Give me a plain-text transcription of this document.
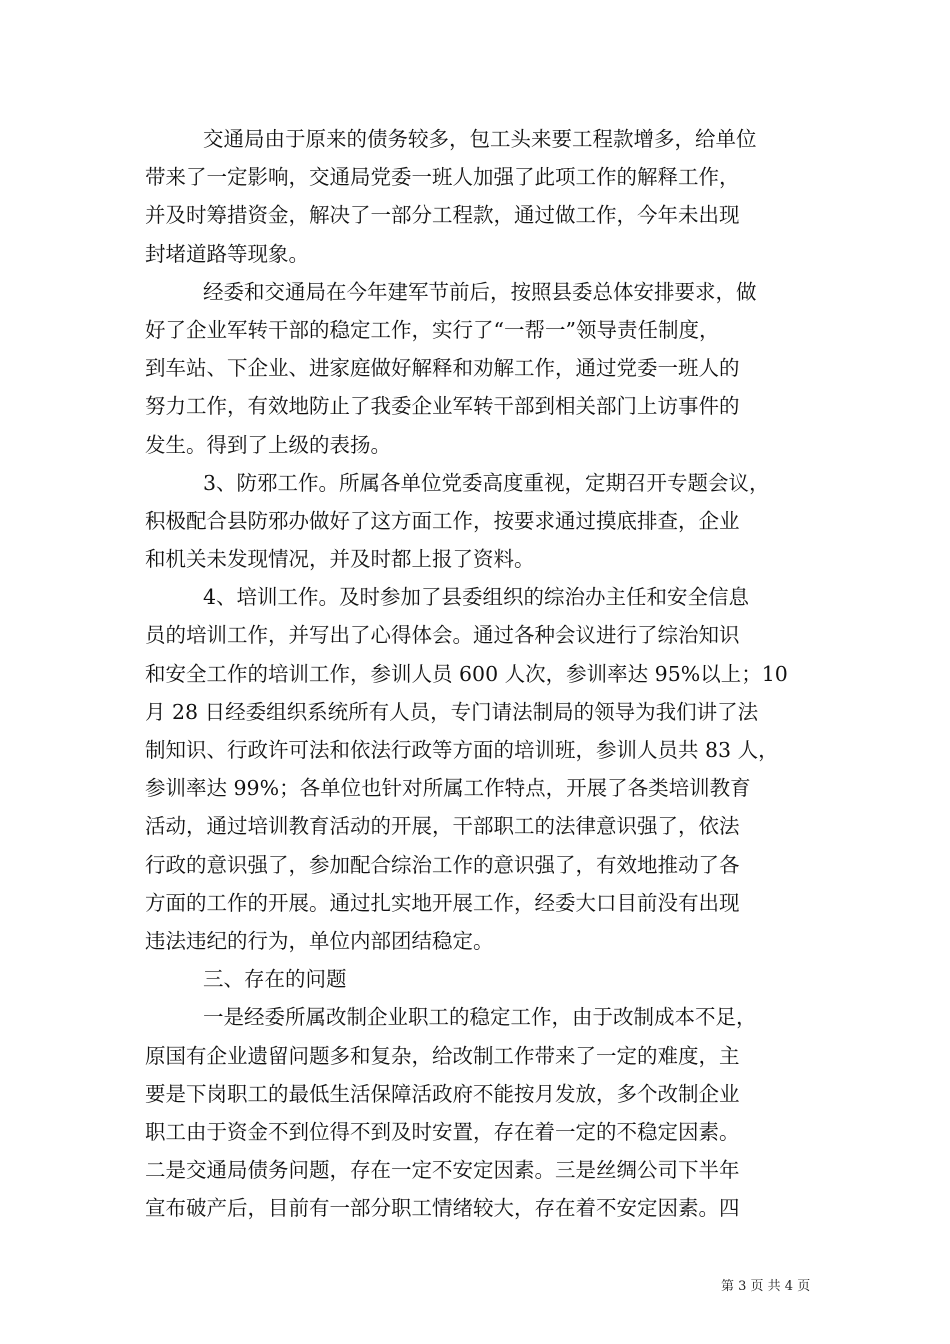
交通局由于原来的债务较多，包工头来要工程款增多，给单位
带来了一定影响，交通局党委一班人加强了此项工作的解释工作，
并及时筹措资金，解决了一部分工程款，通过做工作，今年未出现
封堵道路等现象。
经委和交通局在今年建军节前后，按照县委总体安排要求，做
好了企业军转干部的稳定工作，实行了“一帮一”领导责任制度，
到车站、下企业、进家庭做好解释和劝解工作，通过党委一班人的
努力工作，有效地防止了我委企业军转干部到相关部门上访事件的
发生。得到了上级的表扬。
3、防邪工作。所属各单位党委高度重视，定期召开专题会议，
积极配合县防邪办做好了这方面工作，按要求通过摸底排查，企业
和机关未发现情况，并及时都上报了资料。
4、培训工作。及时参加了县委组织的综治办主任和安全信息
员的培训工作，并写出了心得体会。通过各种会议进行了综治知识
和安全工作的培训工作，参训人员 600 人次，参训率达 95%以上；10
月 28 日经委组织系统所有人员，专门请法制局的领导为我们讲了法
制知识、行政许可法和依法行政等方面的培训班，参训人员共 83 人，
参训率达 99%；各单位也针对所属工作特点，开展了各类培训教育
活动，通过培训教育活动的开展，干部职工的法律意识强了，依法
行政的意识强了，参加配合综治工作的意识强了，有效地推动了各
方面的工作的开展。通过扎实地开展工作，经委大口目前没有出现
违法违纪的行为，单位内部团结稳定。
三、存在的问题
一是经委所属改制企业职工的稳定工作，由于改制成本不足，
原国有企业遗留问题多和复杂，给改制工作带来了一定的难度，主
要是下岗职工的最低生活保障活政府不能按月发放，多个改制企业
职工由于资金不到位得不到及时安置，存在着一定的不稳定因素。
二是交通局债务问题，存在一定不安定因素。三是丝绸公司下半年
宣布破产后，目前有一部分职工情绪较大，存在着不安定因素。四
第 3 页 共 4 页
